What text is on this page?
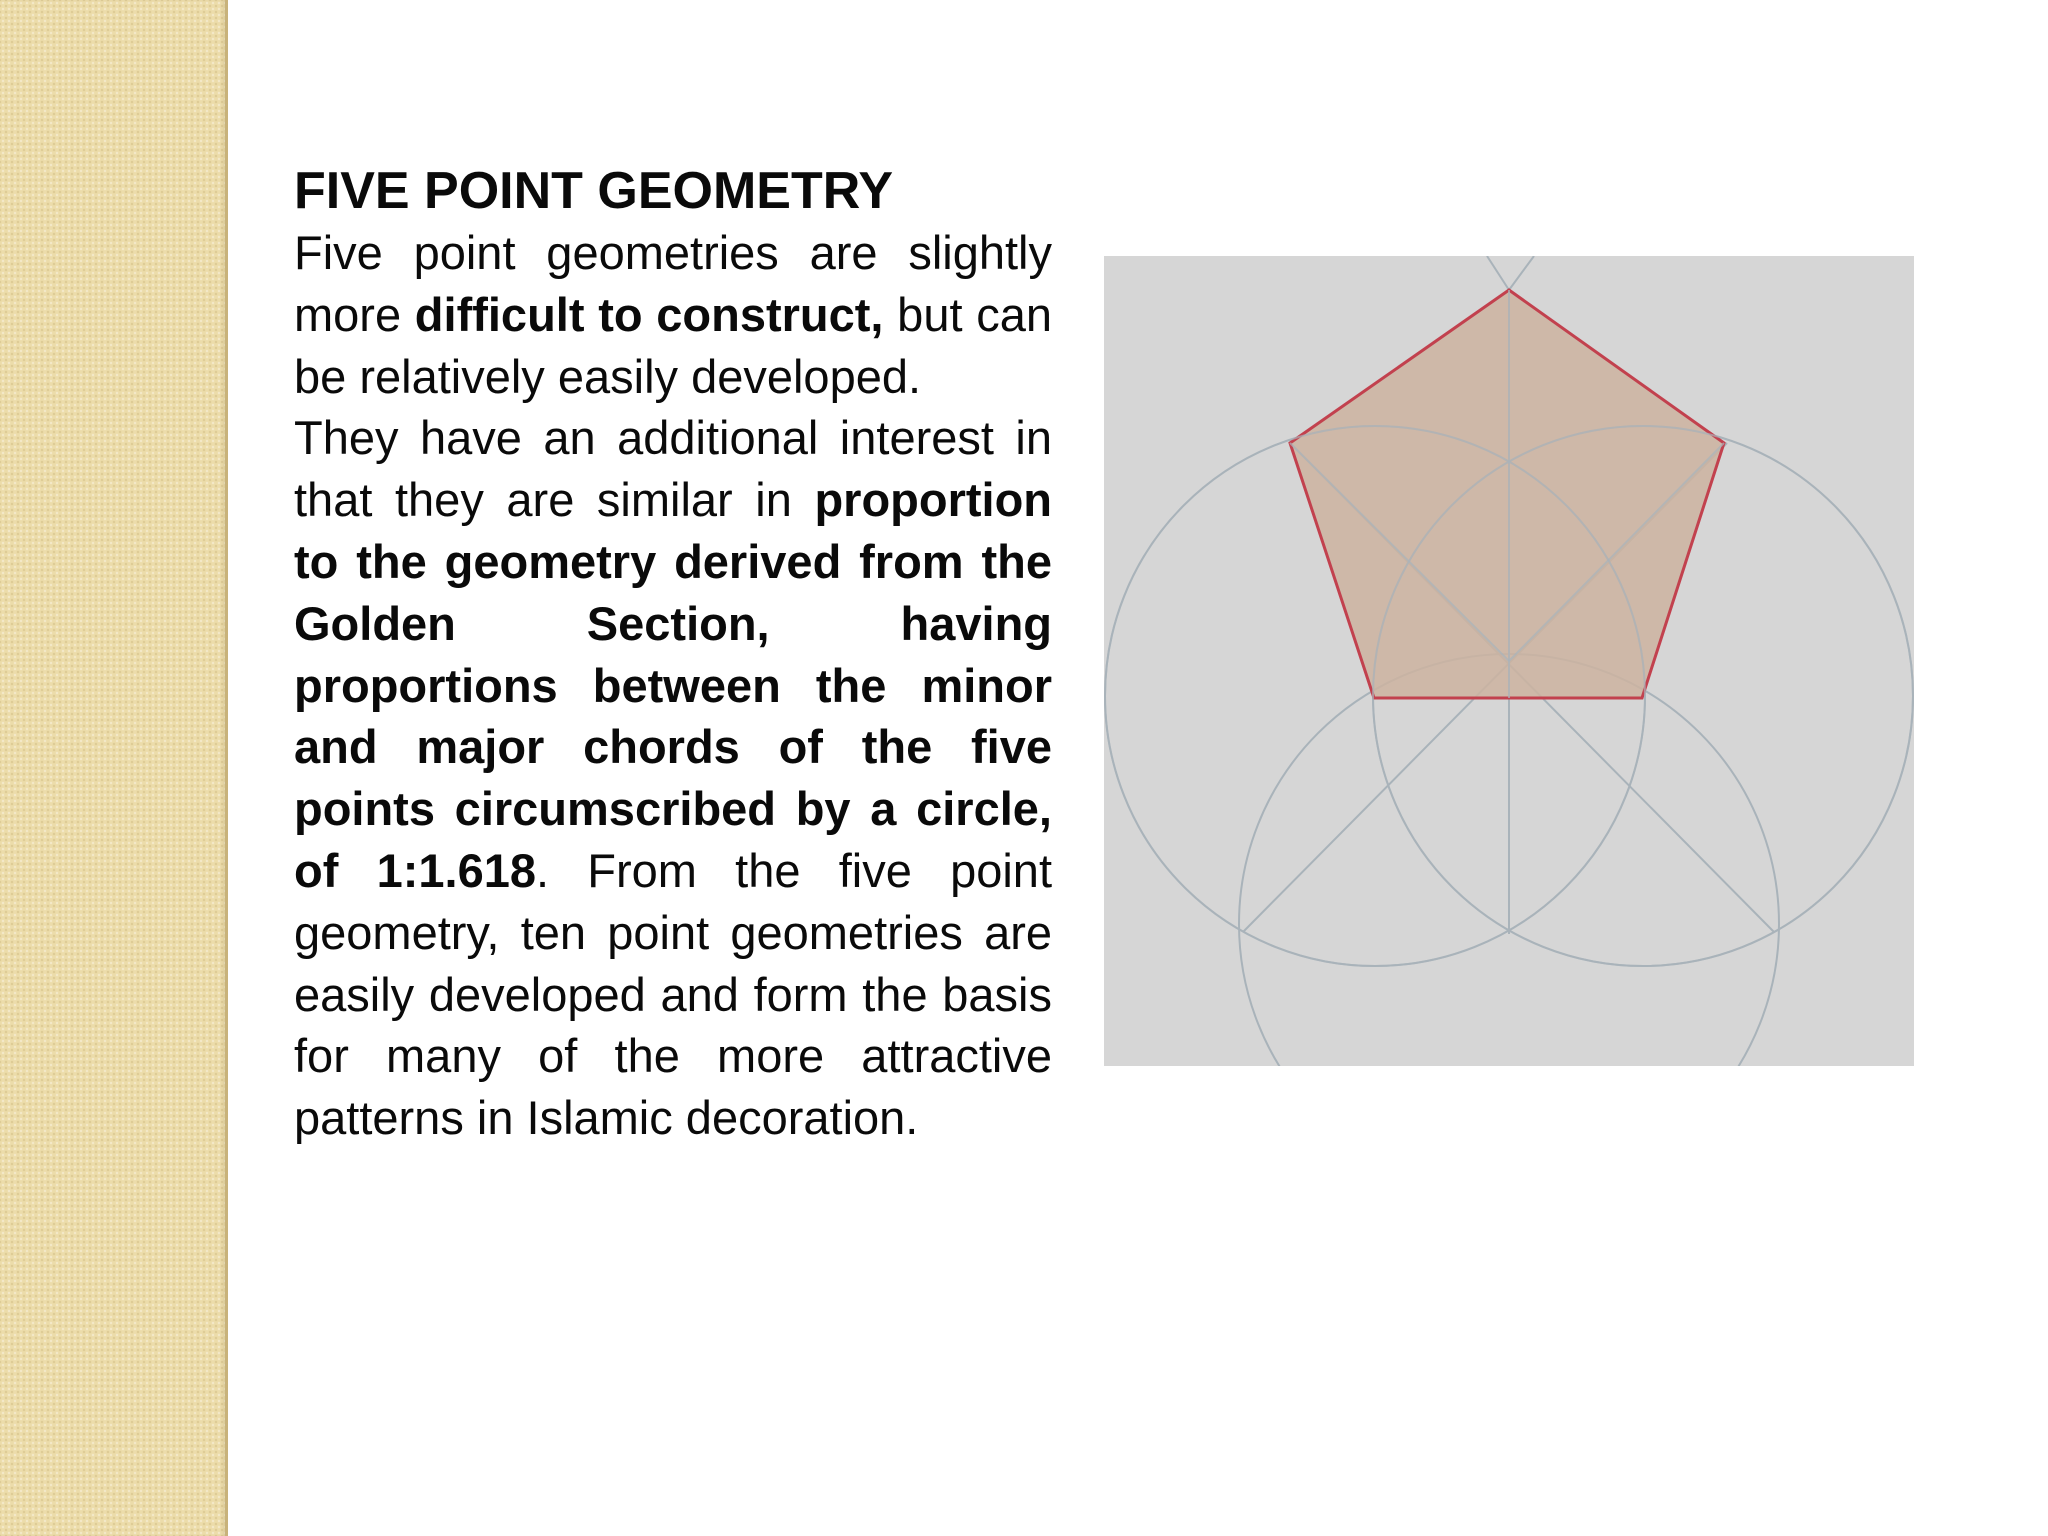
FIVE POINT GEOMETRY

Five point geometries are slightly more difficult to construct, but can be relatively easily developed.

They have an additional interest in that they are similar in proportion to the geometry derived from the Golden Section, having proportions between the minor and major chords of the five points circumscribed by a circle, of 1:1.618. From the five point geometry, ten point geometries are easily developed and form the basis for many of the more attractive patterns in Islamic decoration.
